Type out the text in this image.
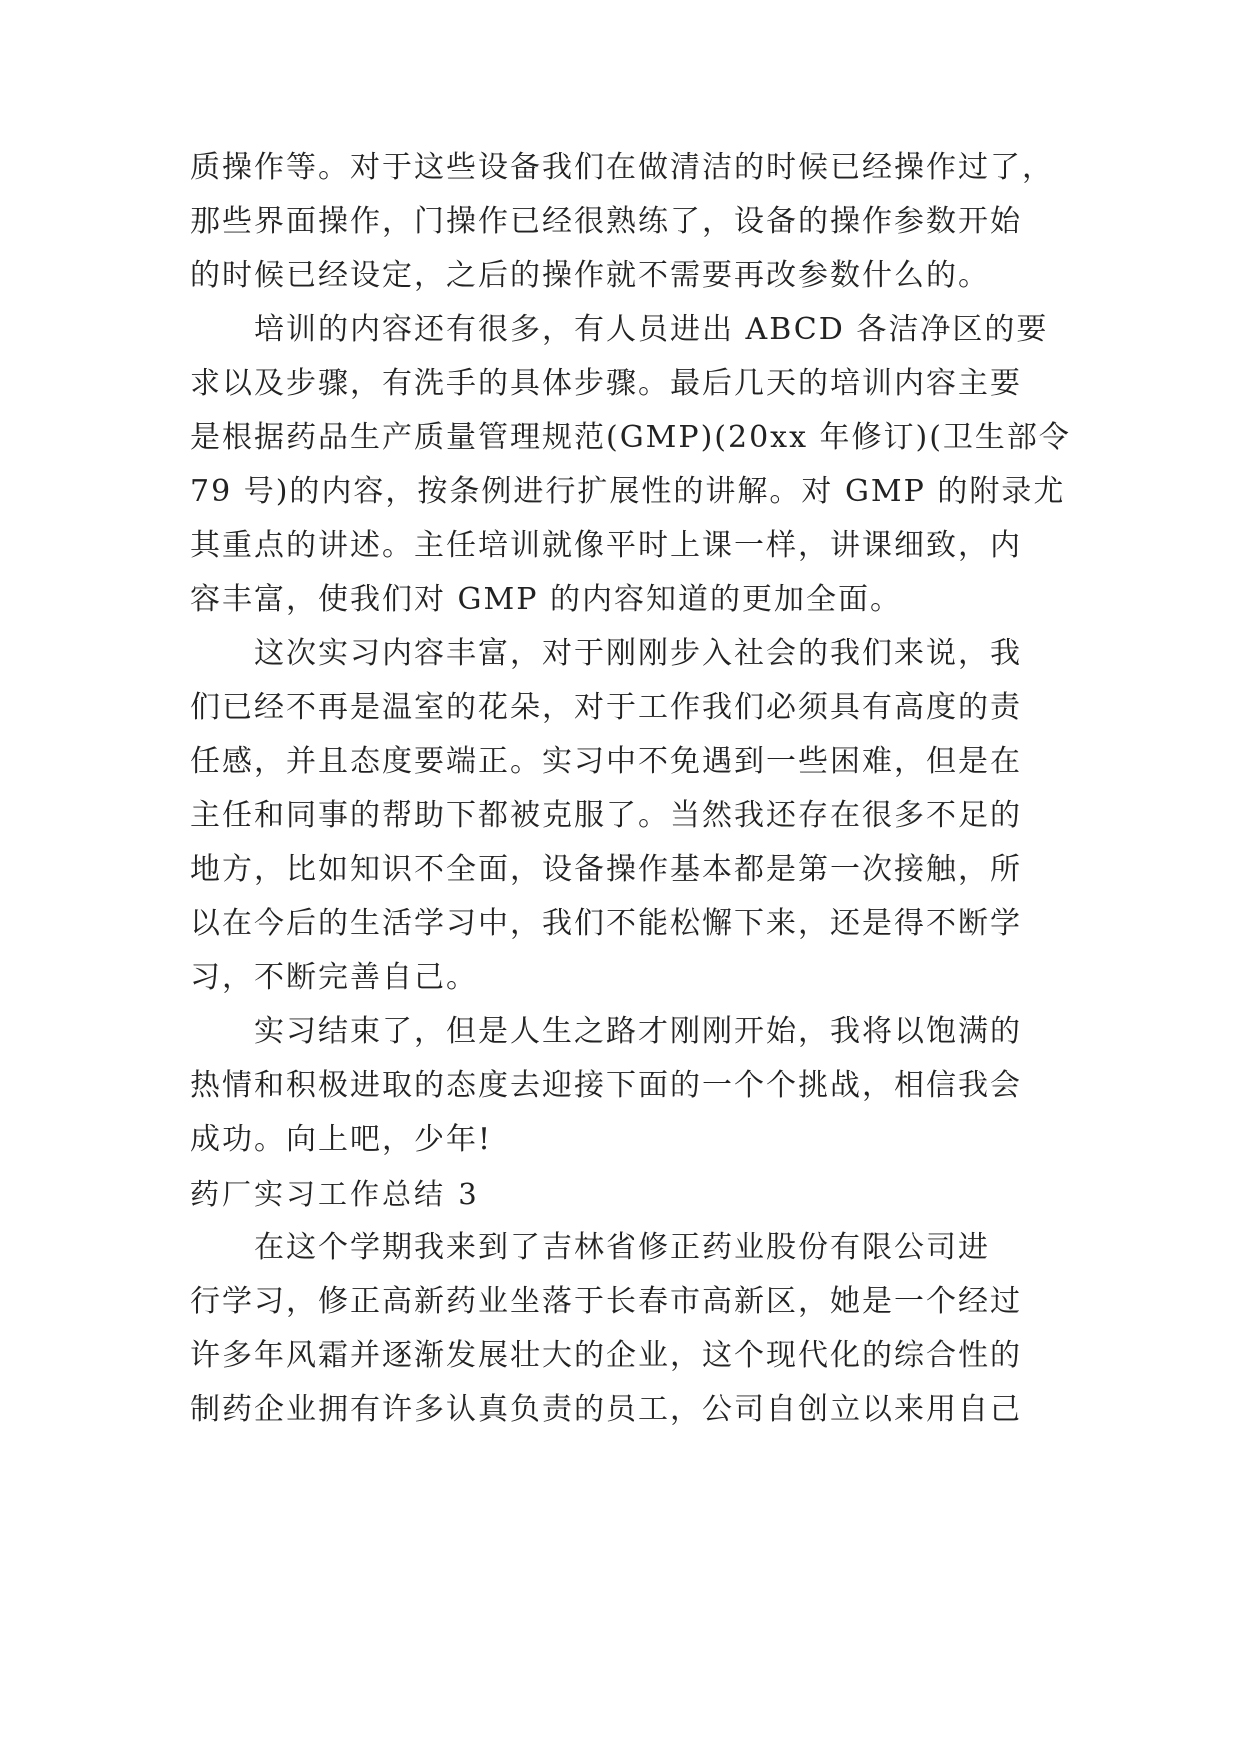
质操作等。对于这些设备我们在做清洁的时候已经操作过了，
那些界面操作，门操作已经很熟练了，设备的操作参数开始
的时候已经设定，之后的操作就不需要再改参数什么的。
　　培训的内容还有很多，有人员进出 ABCD 各洁净区的要
求以及步骤，有洗手的具体步骤。最后几天的培训内容主要
是根据药品生产质量管理规范(GMP)(20xx 年修订)(卫生部令
79 号)的内容，按条例进行扩展性的讲解。对 GMP 的附录尤
其重点的讲述。主任培训就像平时上课一样，讲课细致，内
容丰富，使我们对 GMP 的内容知道的更加全面。
　　这次实习内容丰富，对于刚刚步入社会的我们来说，我
们已经不再是温室的花朵，对于工作我们必须具有高度的责
任感，并且态度要端正。实习中不免遇到一些困难，但是在
主任和同事的帮助下都被克服了。当然我还存在很多不足的
地方，比如知识不全面，设备操作基本都是第一次接触，所
以在今后的生活学习中，我们不能松懈下来，还是得不断学
习，不断完善自己。
　　实习结束了，但是人生之路才刚刚开始，我将以饱满的
热情和积极进取的态度去迎接下面的一个个挑战，相信我会
成功。向上吧，少年!
药厂实习工作总结 3
　　在这个学期我来到了吉林省修正药业股份有限公司进
行学习，修正高新药业坐落于长春市高新区，她是一个经过
许多年风霜并逐渐发展壮大的企业，这个现代化的综合性的
制药企业拥有许多认真负责的员工，公司自创立以来用自己
